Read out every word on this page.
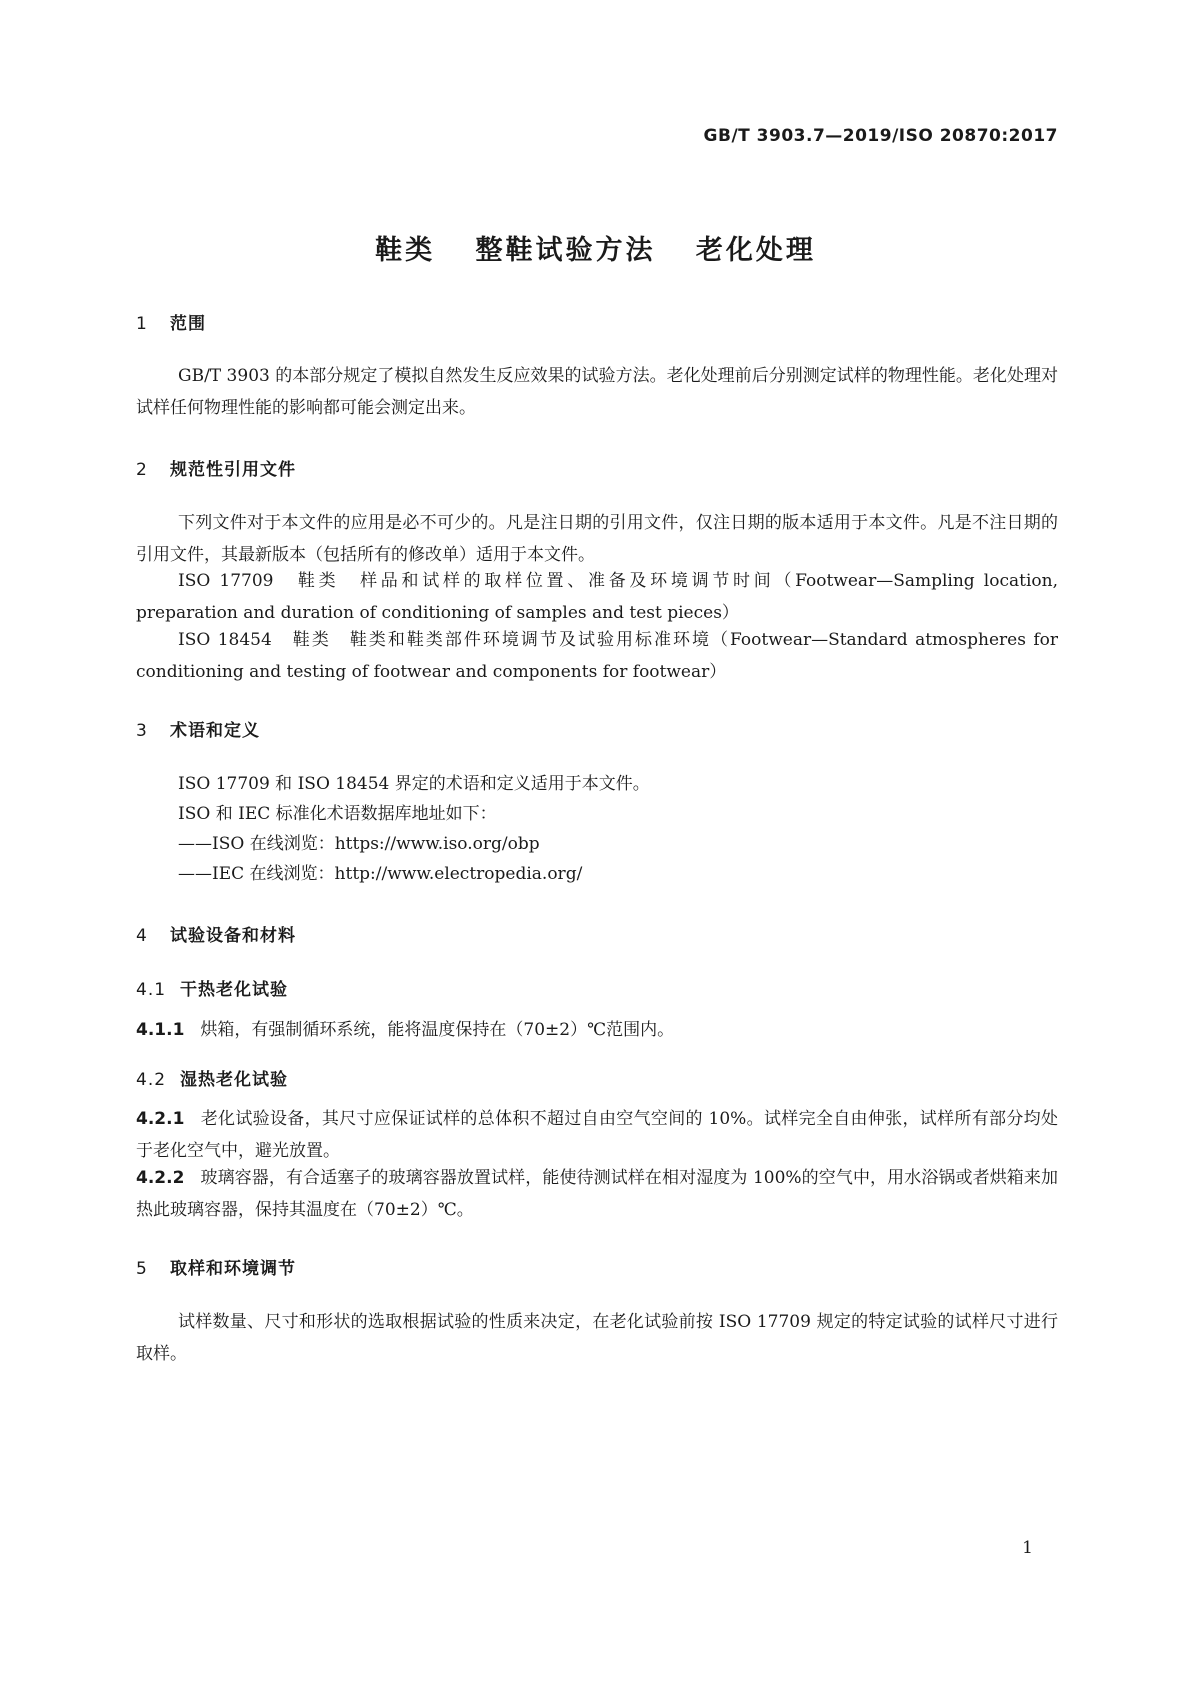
GB/T 3903.7—2019/ISO 20870:2017
鞋类 整鞋试验方法 老化处理
1 范围
GB/T 3903 的本部分规定了模拟自然发生反应效果的试验方法。老化处理前后分别测定试样的物理性能。老化处理对试样任何物理性能的影响都可能会测定出来。
2 规范性引用文件
下列文件对于本文件的应用是必不可少的。凡是注日期的引用文件，仅注日期的版本适用于本文件。凡是不注日期的引用文件，其最新版本（包括所有的修改单）适用于本文件。
ISO 17709　鞋类　样品和试样的取样位置、准备及环境调节时间（Footwear—Sampling location, preparation and duration of conditioning of samples and test pieces）
ISO 18454　鞋类　鞋类和鞋类部件环境调节及试验用标准环境（Footwear—Standard atmospheres for conditioning and testing of footwear and components for footwear）
3 术语和定义
ISO 17709 和 ISO 18454 界定的术语和定义适用于本文件。
ISO 和 IEC 标准化术语数据库地址如下：
——ISO 在线浏览：https://www.iso.org/obp
——IEC 在线浏览：http://www.electropedia.org/
4 试验设备和材料
4.1 干热老化试验
4.1.1 烘箱，有强制循环系统，能将温度保持在（70±2）℃范围内。
4.2 湿热老化试验
4.2.1 老化试验设备，其尺寸应保证试样的总体积不超过自由空气空间的 10%。试样完全自由伸张，试样所有部分均处于老化空气中，避光放置。
4.2.2 玻璃容器，有合适塞子的玻璃容器放置试样，能使待测试样在相对湿度为 100%的空气中，用水浴锅或者烘箱来加热此玻璃容器，保持其温度在（70±2）℃。
5 取样和环境调节
试样数量、尺寸和形状的选取根据试验的性质来决定，在老化试验前按 ISO 17709 规定的特定试验的试样尺寸进行取样。
1
